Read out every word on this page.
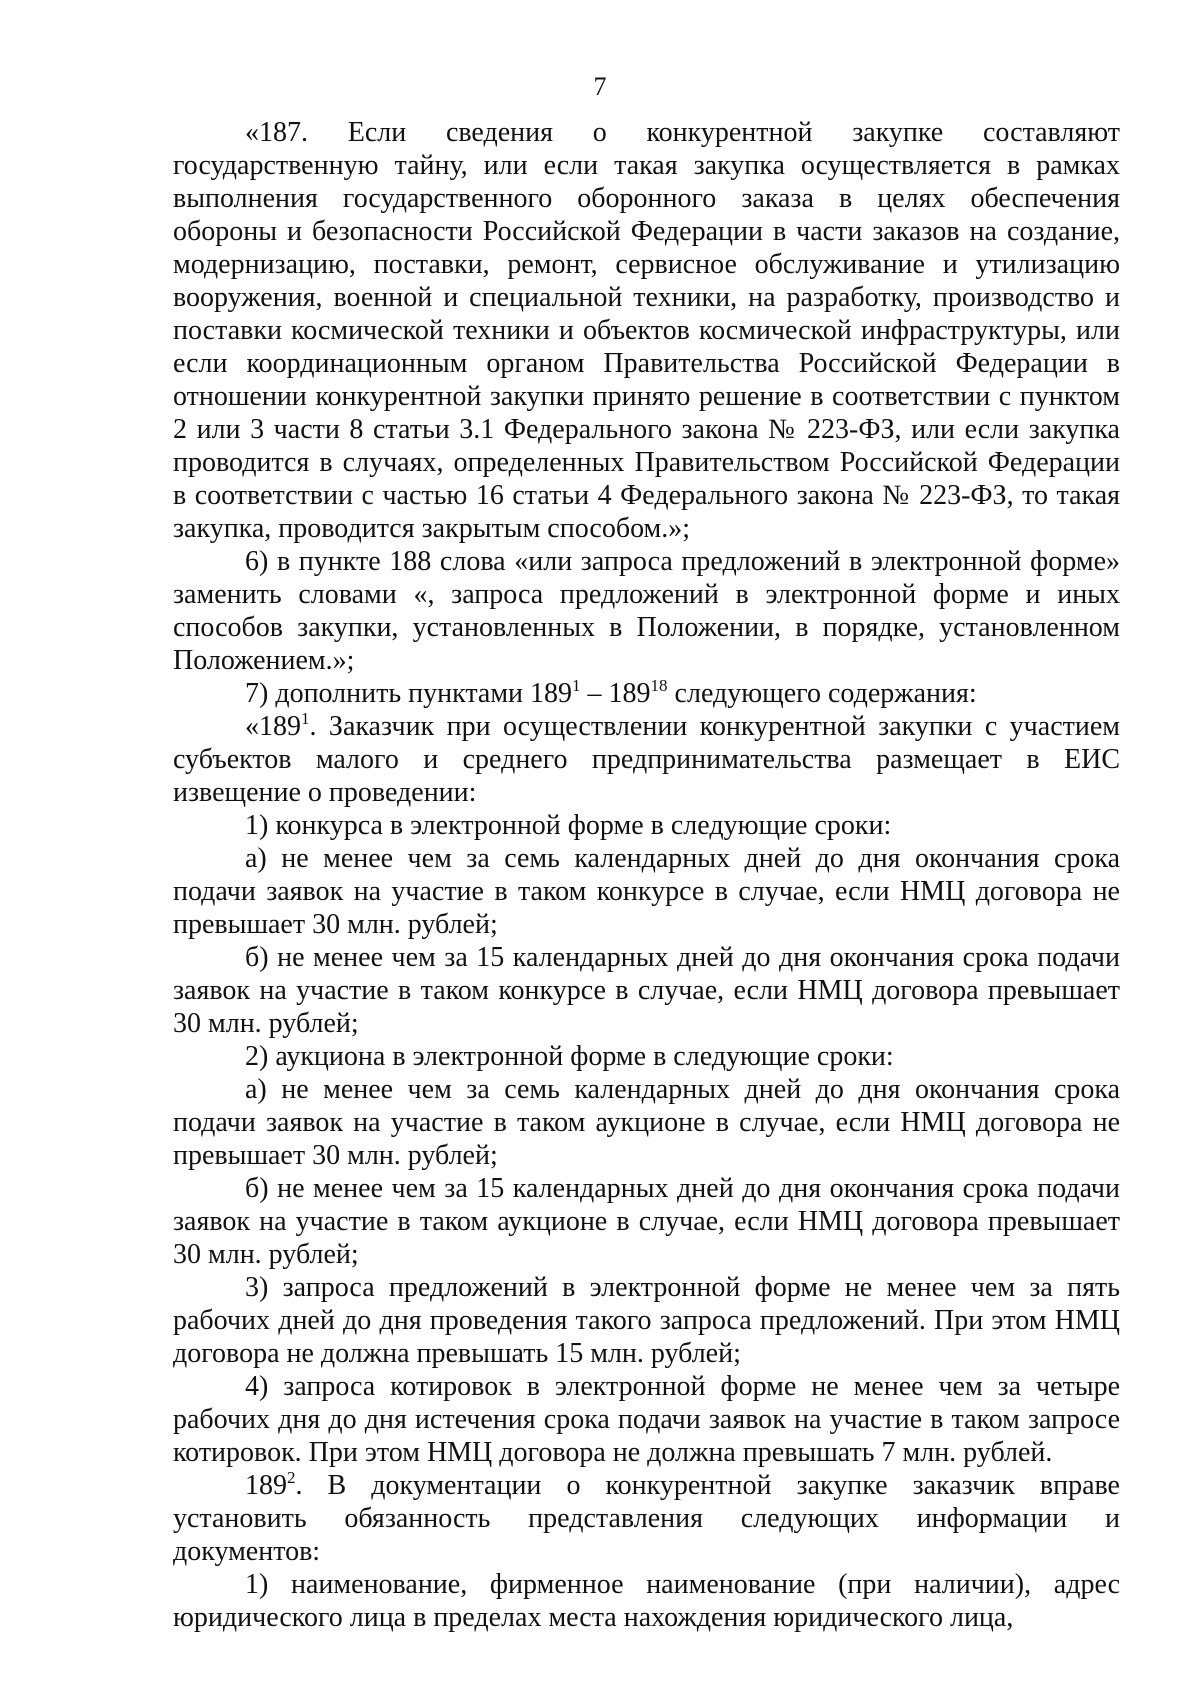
7

«187. Если сведения о конкурентной закупке составляют государственную тайну, или если такая закупка осуществляется в рамках выполнения государственного оборонного заказа в целях обеспечения обороны и безопасности Российской Федерации в части заказов на создание, модернизацию, поставки, ремонт, сервисное обслуживание и утилизацию вооружения, военной и специальной техники, на разработку, производство и поставки космической техники и объектов космической инфраструктуры, или если координационным органом Правительства Российской Федерации в отношении конкурентной закупки принято решение в соответствии с пунктом 2 или 3 части 8 статьи 3.1 Федерального закона № 223-ФЗ, или если закупка проводится в случаях, определенных Правительством Российской Федерации в соответствии с частью 16 статьи 4 Федерального закона № 223-ФЗ, то такая закупка, проводится закрытым способом.»;

6) в пункте 188 слова «или запроса предложений в электронной форме» заменить словами «, запроса предложений в электронной форме и иных способов закупки, установленных в Положении, в порядке, установленном Положением.»;

7) дополнить пунктами $189^1 - 189^{18}$ следующего содержания:

«$189^1$. Заказчик при осуществлении конкурентной закупки с участием субъектов малого и среднего предпринимательства размещает в ЕИС извещение о проведении:

1) конкурса в электронной форме в следующие сроки:

а) не менее чем за семь календарных дней до дня окончания срока подачи заявок на участие в таком конкурсе в случае, если НМЦ договора не превышает 30 млн. рублей;

б) не менее чем за 15 календарных дней до дня окончания срока подачи заявок на участие в таком конкурсе в случае, если НМЦ договора превышает 30 млн. рублей;

2) аукциона в электронной форме в следующие сроки:

а) не менее чем за семь календарных дней до дня окончания срока подачи заявок на участие в таком аукционе в случае, если НМЦ договора не превышает 30 млн. рублей;

б) не менее чем за 15 календарных дней до дня окончания срока подачи заявок на участие в таком аукционе в случае, если НМЦ договора превышает 30 млн. рублей;

3) запроса предложений в электронной форме не менее чем за пять рабочих дней до дня проведения такого запроса предложений. При этом НМЦ договора не должна превышать 15 млн. рублей;

4) запроса котировок в электронной форме не менее чем за четыре рабочих дня до дня истечения срока подачи заявок на участие в таком запросе котировок. При этом НМЦ договора не должна превышать 7 млн. рублей.

$189^2$. В документации о конкурентной закупке заказчик вправе установить обязанность представления следующих информации и документов:

1) наименование, фирменное наименование (при наличии), адрес юридического лица в пределах места нахождения юридического лица,
